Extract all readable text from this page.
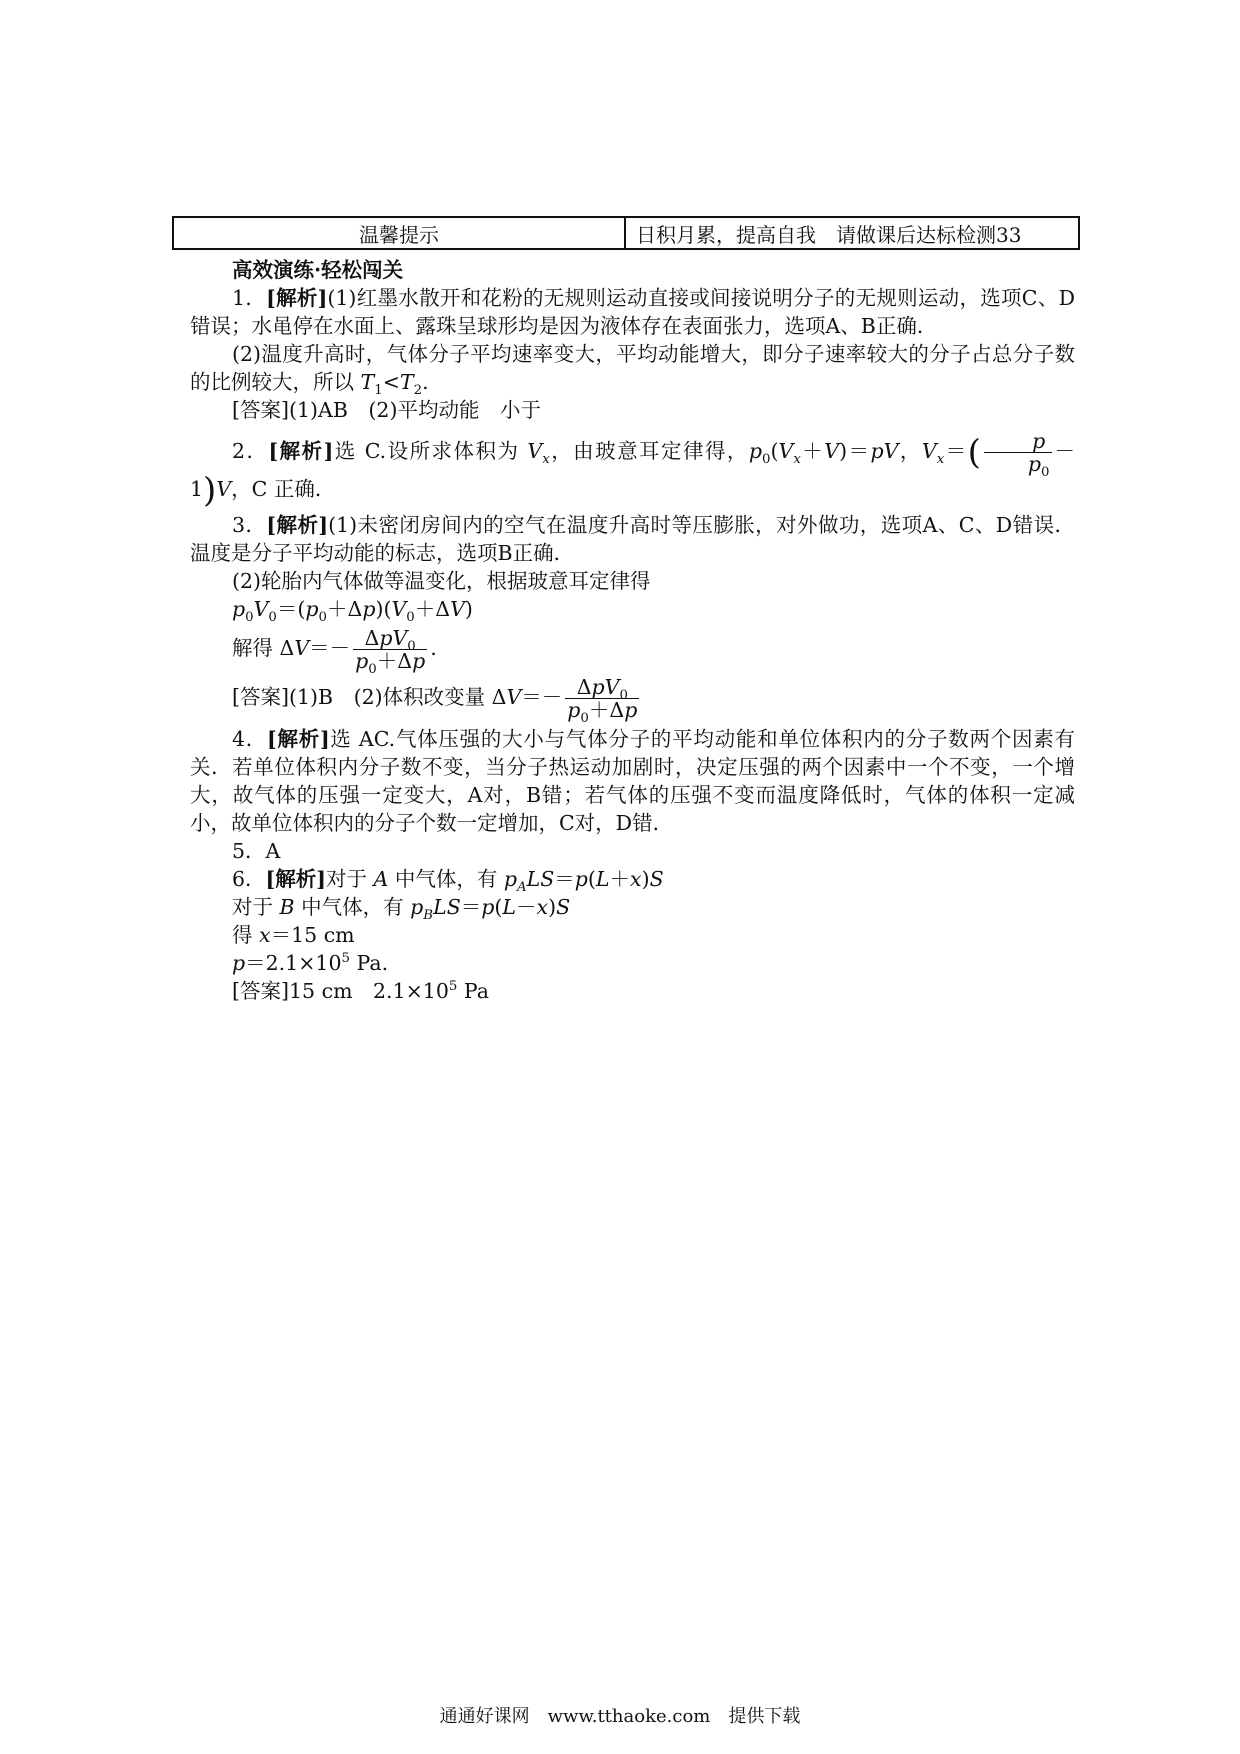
温馨提示	日积月累，提高自我　请做课后达标检测33

高效演练·轻松闯关

1．[解析](1)红墨水散开和花粉的无规则运动直接或间接说明分子的无规则运动，选项C、D错误；水黾停在水面上、露珠呈球形均是因为液体存在表面张力，选项A、B正确．

(2)温度升高时，气体分子平均速率变大，平均动能增大，即分子速率较大的分子占总分子数的比例较大，所以 $T_1<T_2$.

[答案](1)AB　(2)平均动能　小于

2．[解析]选 C.设所求体积为 $V_x$，由玻意耳定律得，$p_0(V_x+V)=pV$，$V_x=( \frac{p}{p_0} -1)V$，C 正确．

3．[解析](1)未密闭房间内的空气在温度升高时等压膨胀，对外做功，选项A、C、D错误．温度是分子平均动能的标志，选项B正确．

(2)轮胎内气体做等温变化，根据玻意耳定律得

$p_0V_0=(p_0+\Delta p)(V_0+\Delta V)$

解得 $\Delta V=- \frac{\Delta pV_0}{p_0+\Delta p}$ .

[答案](1)B　(2)体积改变量 $\Delta V=- \frac{\Delta pV_0}{p_0+\Delta p}$

4．[解析]选 AC.气体压强的大小与气体分子的平均动能和单位体积内的分子数两个因素有关．若单位体积内分子数不变，当分子热运动加剧时，决定压强的两个因素中一个不变，一个增大，故气体的压强一定变大，A对，B错；若气体的压强不变而温度降低时，气体的体积一定减小，故单位体积内的分子个数一定增加，C对，D错．

5．A

6．[解析]对于 A 中气体，有 $p_ALS=p(L+x)S$

对于 B 中气体，有 $p_BLS=p(L-x)S$

得 x＝15 cm

$p=2.1\times 10^5$ Pa.

[答案]15 cm　$2.1\times 10^5$ Pa

通通好课网　www.tthaoke.com　提供下载
